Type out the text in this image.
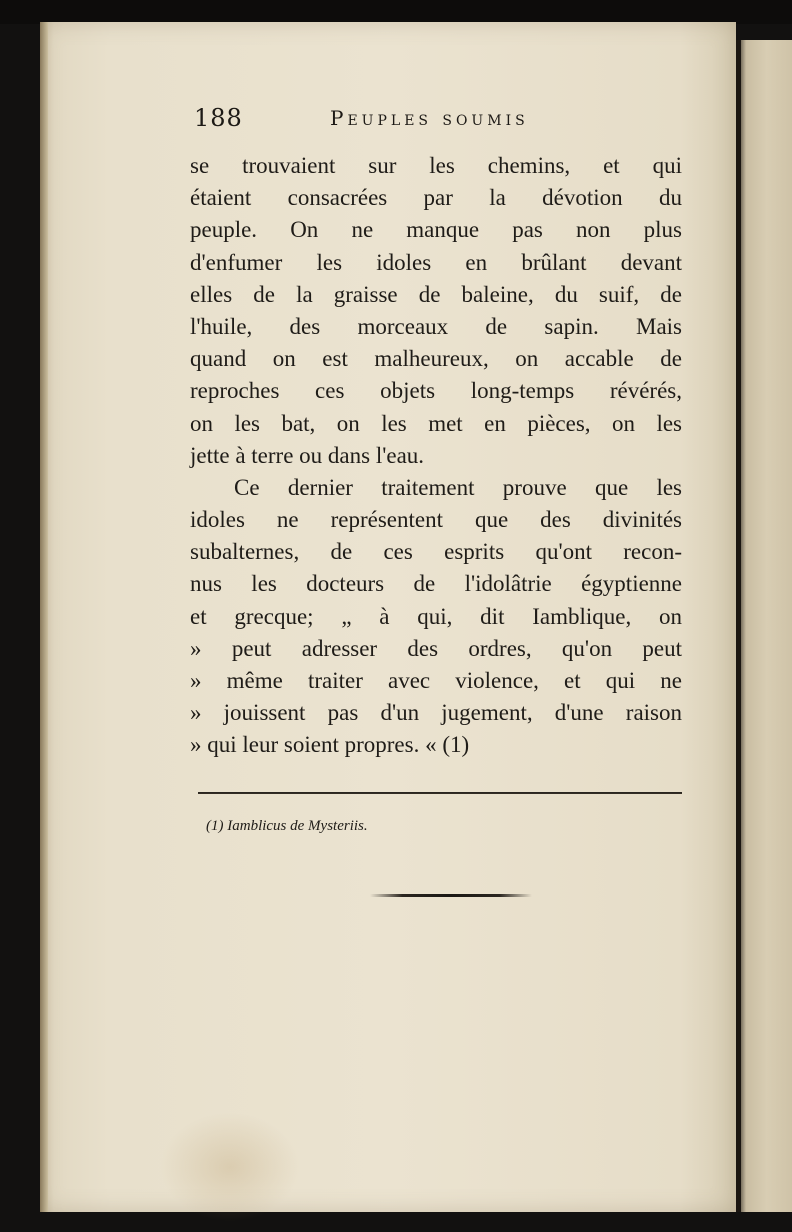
188	Peuples soumis
se trouvaient sur les chemins, et qui
étaient consacrées par la dévotion du
peuple. On ne manque pas non plus
d'enfumer les idoles en brûlant devant
elles de la graisse de baleine, du suif, de
l'huile, des morceaux de sapin. Mais
quand on est malheureux, on accable de
reproches ces objets long-temps révérés,
on les bat, on les met en pièces, on les
jette à terre ou dans l'eau.
Ce dernier traitement prouve que les
idoles ne représentent que des divinités
subalternes, de ces esprits qu'ont recon-
nus les docteurs de l'idolâtrie égyptienne
et grecque; „ à qui, dit Iamblique, on
» peut adresser des ordres, qu'on peut
» même traiter avec violence, et qui ne
» jouissent pas d'un jugement, d'une raison
» qui leur soient propres. « (1)
(1) Iamblicus de Mysteriis.
